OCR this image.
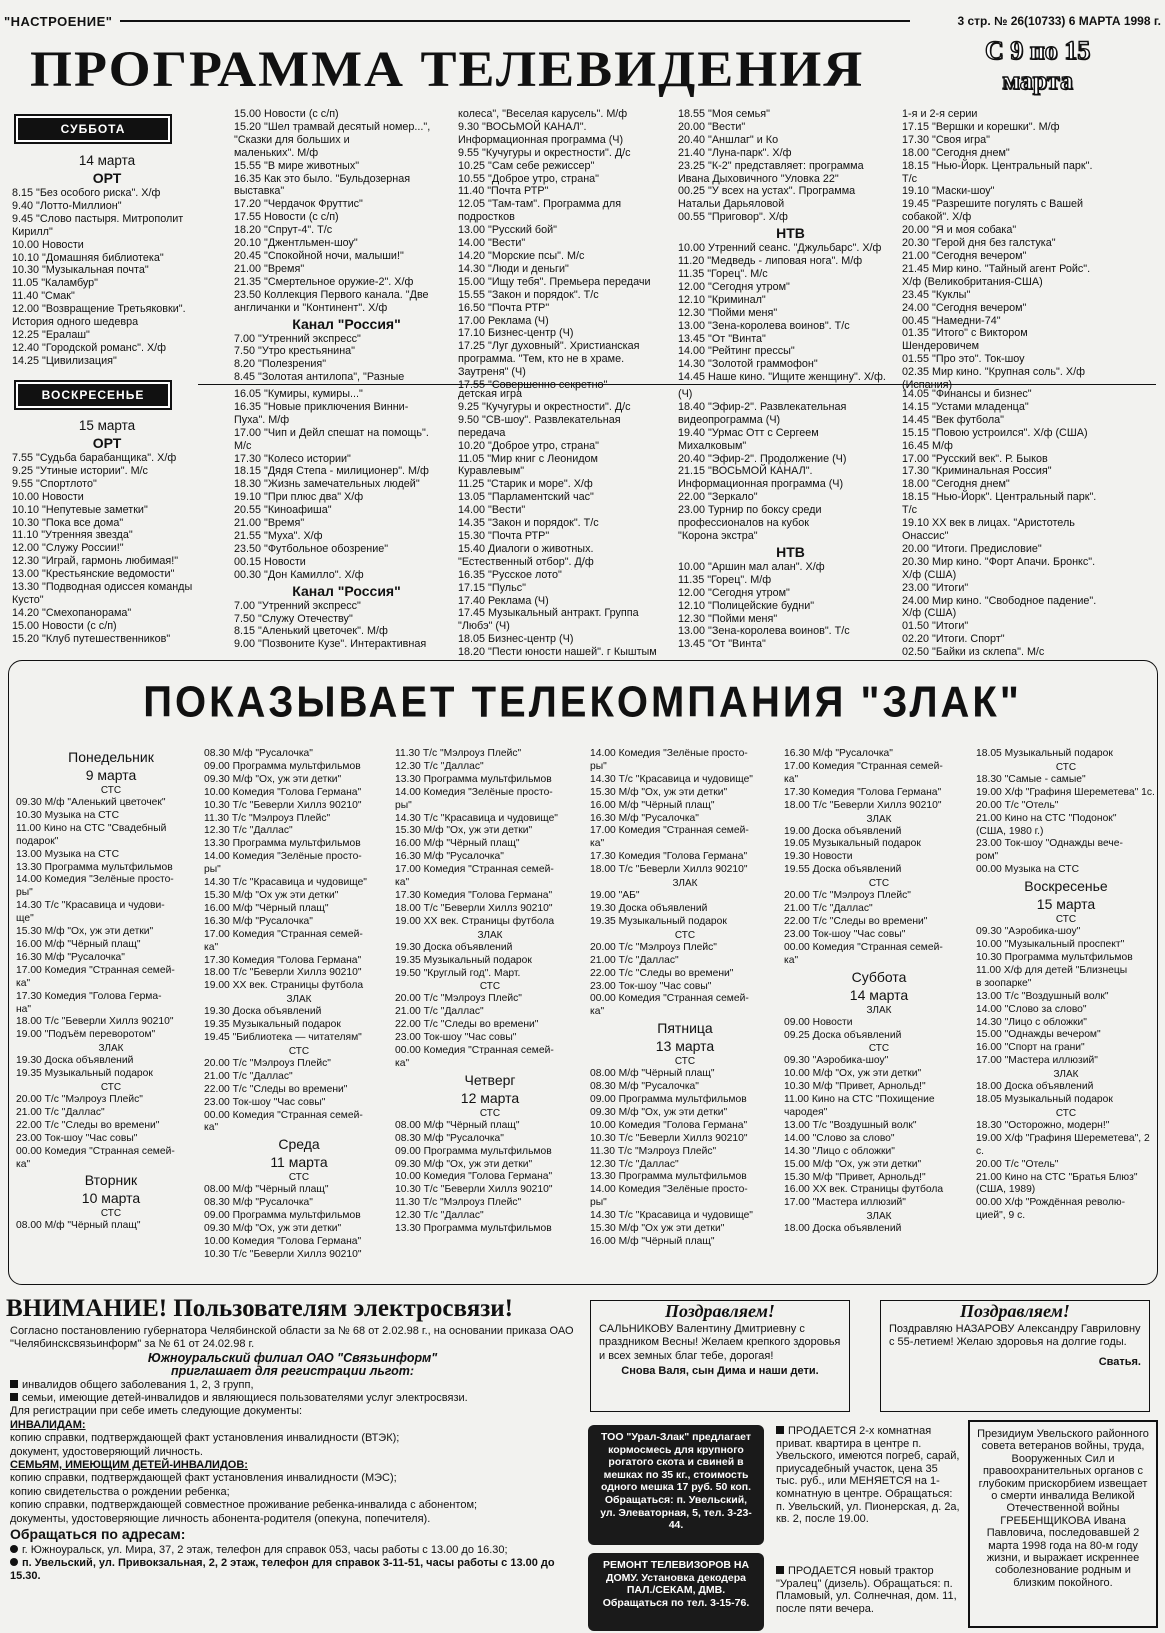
"НАСТРОЕНИЕ"	3 стр. № 26(10733) 6 МАРТА 1998 г.
ПРОГРАММА ТЕЛЕВИДЕНИЯ	С 9 по 15
марта
СУББОТА
14 марта
ОРТ

8.15 "Без особого риска". Х/ф

9.40 "Лотто-Миллион"

9.45 "Слово пастыря. Митрополит

Кирилл"

10.00 Новости

10.10 "Домашняя библиотека"

10.30 "Музыкальная почта"

11.05 "Каламбур"

11.40 "Смак"

12.00 "Возвращение Третьяковки".

История одного шедевра

12.25 "Ералаш"

12.40 "Городской романс". Х/ф

14.25 "Цивилизация"

15.00 Новости (с с/п)

15.20 "Шел трамвай десятый номер...",

"Сказки для больших и

маленьких". М/ф

15.55 "В мире животных"

16.35 Как это было. "Бульдозерная

выставка"

17.20 "Чердачок Фруттис"

17.55 Новости (с с/п)

18.20 "Спрут-4". Т/с

20.10 "Джентльмен-шоу"

20.45 "Спокойной ночи, малыши!"

21.00 "Время"

21.35 "Смертельное оружие-2". Х/ф

23.50 Коллекция Первого канала. "Две

англичанки и "Континент". Х/ф

Канал "Россия"

7.00 "Утренний экспресс"

7.50 "Утро крестьянина"

8.20 "Полезрения"

8.45 "Золотая антилопа", "Разные

колеса", "Веселая карусель". М/ф

9.30 "ВОСЬМОЙ КАНАЛ".

Информационная программа (Ч)

9.55 "Кучугуры и окрестности". Д/с

10.25 "Сам себе режиссер"

10.55 "Доброе утро, страна"

11.40 "Почта РТР"

12.05 "Там-там". Программа для

подростков

13.00 "Русский бой"

14.00 "Вести"

14.20 "Морские псы". М/с

14.30 "Люди и деньги"

15.00 "Ищу тебя". Премьера передачи

15.55 "Закон и порядок". Т/с

16.50 "Почта РТР"

17.00 Реклама (Ч)

17.10 Бизнес-центр (Ч)

17.25 "Луг духовный". Христианская

программа. "Тем, кто не в храме.

Заутреня" (Ч)

17.55 "Совершенно секретно"

18.55 "Моя семья"

20.00 "Вести"

20.40 "Аншлаг" и Ко

21.40 "Луна-парк". Х/ф

23.25 "К-2" представляет: программа

Ивана Дыховичного "Уловка 22"

00.25 "У всех на устах". Программа

Натальи Дарьяловой

00.55 "Приговор". Х/ф

НТВ

10.00 Утренний сеанс. "Джульбарс". Х/ф

11.20 "Медведь - липовая нога". М/ф

11.35 "Горец". М/с

12.00 "Сегодня утром"

12.10 "Криминал"

12.30 "Пойми меня"

13.00 "Зена-королева воинов". Т/с

13.45 "От "Винта"

14.00 "Рейтинг прессы"

14.30 "Золотой граммофон"

14.45 Наше кино. "Ищите женщину". Х/ф.

1-я и 2-я серии

17.15 "Вершки и корешки". М/ф

17.30 "Своя игра"

18.00 "Сегодня днем"

18.15 "Нью-Йорк. Центральный парк".

Т/с

19.10 "Маски-шоу"

19.45 "Разрешите погулять с Вашей

собакой". Х/ф

20.00 "Я и моя собака"

20.30 "Герой дня без галстука"

21.00 "Сегодня вечером"

21.45 Мир кино. "Тайный агент Ройс".

Х/ф (Великобритания-США)

23.45 "Куклы"

24.00 "Сегодня вечером"

00.45 "Намедни-74"

01.35 "Итого" с Виктором

Шендеровичем

01.55 "Про это". Ток-шоу

02.35 Мир кино. "Крупная соль". Х/ф

(Испания)

ВОСКРЕСЕНЬЕ
15 марта
ОРТ

7.55 "Судьба барабанщика". Х/ф

9.25 "Утиные истории". М/с

9.55 "Спортлото"

10.00 Новости

10.10 "Непутевые заметки"

10.30 "Пока все дома"

11.10 "Утренняя звезда"

12.00 "Служу России!"

12.30 "Играй, гармонь любимая!"

13.00 "Крестьянские ведомости"

13.30 "Подводная одиссея команды

Кусто"

14.20 "Смехопанорама"

15.00 Новости (с с/п)

15.20 "Клуб путешественников"

16.05 "Кумиры, кумиры..."

16.35 "Новые приключения Винни-

Пуха". М/ф

17.00 "Чип и Дейл спешат на помощь".

М/с

17.30 "Колесо истории"

18.15 "Дядя Степа - милиционер". М/ф

18.30 "Жизнь замечательных людей"

19.10 "При плюс два" Х/ф

20.55 "Киноафиша"

21.00 "Время"

21.55 "Муха". Х/ф

23.50 "Футбольное обозрение"

00.15 Новости

00.30 "Дон Камилло". Х/ф

Канал "Россия"

7.00 "Утренний экспресс"

7.50 "Служу Отечеству"

8.15 "Аленький цветочек". М/ф

9.00 "Позвоните Кузе". Интерактивная

детская игра

9.25 "Кучугуры и окрестности". Д/с

9.50 "СВ-шоу". Развлекательная

передача

10.20 "Доброе утро, страна"

11.05 "Мир книг с Леонидом

Куравлевым"

11.25 "Старик и море". Х/ф

13.05 "Парламентский час"

14.00 "Вести"

14.35 "Закон и порядок". Т/с

15.30 "Почта РТР"

15.40 Диалоги о животных.

"Естественный отбор". Д/ф

16.35 "Русское лото"

17.15 "Пульс"

17.40 Реклама (Ч)

17.45 Музыкальный антракт. Группа

"Любэ" (Ч)

18.05 Бизнес-центр (Ч)

18.20 "Пести юности нашей". г Кыштым

(Ч)

18.40 "Эфир-2". Развлекательная

видеопрограмма (Ч)

19.40 "Урмас Отт с Сергеем

Михалковым"

20.40 "Эфир-2". Продолжение (Ч)

21.15 "ВОСЬМОЙ КАНАЛ".

Информационная программа (Ч)

22.00 "Зеркало"

23.00 Турнир по боксу среди

профессионалов на кубок

"Корона экстра"

НТВ

10.00 "Аршин мал алан". Х/ф

11.35 "Горец". М/ф

12.00 "Сегодня утром"

12.10 "Полицейские будни"

12.30 "Пойми меня"

13.00 "Зена-королева воинов". Т/с

13.45 "От "Винта"

14.05 "Финансы и бизнес"

14.15 "Устами младенца"

14.45 "Век футбола"

15.15 "Повою устроился". Х/ф (США)

16.45 М/ф

17.00 "Русский век". Р. Быков

17.30 "Криминальная Россия"

18.00 "Сегодня днем"

18.15 "Нью-Йорк". Центральный парк".

Т/с

19.10 XX век в лицах. "Аристотель

Онассис"

20.00 "Итоги. Предисловие"

20.30 Мир кино. "Форт Апачи. Бронкс".

Х/ф (США)

23.00 "Итоги"

24.00 Мир кино. "Свободное падение".

Х/ф (США)

01.50 "Итоги"

02.20 "Итоги. Спорт"

02.50 "Байки из склепа". М/с

ПОКАЗЫВАЕТ ТЕЛЕКОМПАНИЯ "ЗЛАК"

Понедельник
9 марта

СТС

09.30 М/ф "Аленький цветочек"

10.30 Музыка на СТС

11.00 Кино на СТС "Свадебный

подарок"

13.00 Музыка на СТС

13.30 Программа мультфильмов

14.00 Комедия "Зелёные просто-

ры"

14.30 Т/с "Красавица и чудови-

ще"

15.30 М/ф "Ох, уж эти детки"

16.00 М/ф "Чёрный плащ"

16.30 М/ф "Русалочка"

17.00 Комедия "Странная семей-

ка"

17.30 Комедия "Голова Герма-

на"

18.00 Т/с "Беверли Хиллз 90210"

19.00 "Подъём переворотом"

ЗЛАК

19.30 Доска объявлений

19.35 Музыкальный подарок

СТС

20.00 Т/с "Мэлроуз Плейс"

21.00 Т/с "Даллас"

22.00 Т/с "Следы во времени"

23.00 Ток-шоу "Час совы"

00.00 Комедия "Странная семей-

ка"

Вторник
10 марта

СТС

08.00 М/ф "Чёрный плащ"

08.30 М/ф "Русалочка"

09.00 Программа мультфильмов

09.30 М/ф "Ох, уж эти детки"

10.00 Комедия "Голова Германа"

10.30 Т/с "Беверли Хиллз 90210"

11.30 Т/с "Мэлроуз Плейс"

12.30 Т/с "Даллас"

13.30 Программа мультфильмов

14.00 Комедия "Зелёные просто-

ры"

14.30 Т/с "Красавица и чудовище"

15.30 М/ф "Ох уж эти детки"

16.00 М/ф "Чёрный плащ"

16.30 М/ф "Русалочка"

17.00 Комедия "Странная семей-

ка"

17.30 Комедия "Голова Германа"

18.00 Т/с "Беверли Хиллз 90210"

19.00 XX век. Страницы футбола

ЗЛАК

19.30 Доска объявлений

19.35 Музыкальный подарок

19.45 "Библиотека — читателям"

СТС

20.00 Т/с "Мэлроуз Плейс"

21.00 Т/с "Даллас"

22.00 Т/с "Следы во времени"

23.00 Ток-шоу "Час совы"

00.00 Комедия "Странная семей-

ка"

Среда
11 марта

СТС

08.00 М/ф "Чёрный плащ"

08.30 М/ф "Русалочка"

09.00 Программа мультфильмов

09.30 М/ф "Ох, уж эти детки"

10.00 Комедия "Голова Германа"

10.30 Т/с "Беверли Хиллз 90210"

11.30 Т/с "Мэлроуз Плейс"

12.30 Т/с "Даллас"

13.30 Программа мультфильмов

14.00 Комедия "Зелёные просто-

ры"

14.30 Т/с "Красавица и чудовище"

15.30 М/ф "Ох, уж эти детки"

16.00 М/ф "Чёрный плащ"

16.30 М/ф "Русалочка"

17.00 Комедия "Странная семей-

ка"

17.30 Комедия "Голова Германа"

18.00 Т/с "Беверли Хиллз 90210"

19.00 XX век. Страницы футбола

ЗЛАК

19.30 Доска объявлений

19.35 Музыкальный подарок

19.50 "Круглый год". Март.

СТС

20.00 Т/с "Мэлроуз Плейс"

21.00 Т/с "Даллас"

22.00 Т/с "Следы во времени"

23.00 Ток-шоу "Час совы"

00.00 Комедия "Странная семей-

ка"

Четверг
12 марта

СТС

08.00 М/ф "Чёрный плащ"

08.30 М/ф "Русалочка"

09.00 Программа мультфильмов

09.30 М/ф "Ох, уж эти детки"

10.00 Комедия "Голова Германа"

10.30 Т/с "Беверли Хиллз 90210"

11.30 Т/с "Мэлроуз Плейс"

12.30 Т/с "Даллас"

13.30 Программа мультфильмов

14.00 Комедия "Зелёные просто-

ры"

14.30 Т/с "Красавица и чудовище"

15.30 М/ф "Ох, уж эти детки"

16.00 М/ф "Чёрный плащ"

16.30 М/ф "Русалочка"

17.00 Комедия "Странная семей-

ка"

17.30 Комедия "Голова Германа"

18.00 Т/с "Беверли Хиллз 90210"

ЗЛАК

19.00 "АБ"

19.30 Доска объявлений

19.35 Музыкальный подарок

СТС

20.00 Т/с "Мэлроуз Плейс"

21.00 Т/с "Даллас"

22.00 Т/с "Следы во времени"

23.00 Ток-шоу "Час совы"

00.00 Комедия "Странная семей-

ка"

Пятница
13 марта

СТС

08.00 М/ф "Чёрный плащ"

08.30 М/ф "Русалочка"

09.00 Программа мультфильмов

09.30 М/ф "Ох, уж эти детки"

10.00 Комедия "Голова Германа"

10.30 Т/с "Беверли Хиллз 90210"

11.30 Т/с "Мэлроуз Плейс"

12.30 Т/с "Даллас"

13.30 Программа мультфильмов

14.00 Комедия "Зелёные просто-

ры"

14.30 Т/с "Красавица и чудовище"

15.30 М/ф "Ох уж эти детки"

16.00 М/ф "Чёрный плащ"

16.30 М/ф "Русалочка"

17.00 Комедия "Странная семей-

ка"

17.30 Комедия "Голова Германа"

18.00 Т/с "Беверли Хиллз 90210"

ЗЛАК

19.00 Доска объявлений

19.05 Музыкальный подарок

19.30 Новости

19.55 Доска объявлений

СТС

20.00 Т/с "Мэлроуз Плейс"

21.00 Т/с "Даллас"

22.00 Т/с "Следы во времени"

23.00 Ток-шоу "Час совы"

00.00 Комедия "Странная семей-

ка"

Суббота
14 марта

ЗЛАК

09.00 Новости

09.25 Доска объявлений

СТС

09.30 "Аэробика-шоу"

10.00 М/ф "Ох, уж эти детки"

10.30 М/ф "Привет, Арнольд!"

11.00 Кино на СТС "Похищение

чародея"

13.00 Т/с "Воздушный волк"

14.00 "Слово за слово"

14.30 "Лицо с обложки"

15.00 М/ф "Ох, уж эти детки"

15.30 М/ф "Привет, Арнольд!"

16.00 XX век. Страницы футбола

17.00 "Мастера иллюзий"

ЗЛАК

18.00 Доска объявлений

18.05 Музыкальный подарок

СТС

18.30 "Самые - самые"

19.00 Х/ф "Графиня Шереметева" 1с.

20.00 Т/с "Отель"

21.00 Кино на СТС "Подонок"

(США, 1980 г.)

23.00 Ток-шоу "Однажды вече-

ром"

00.00 Музыка на СТС

Воскресенье
15 марта

СТС

09.30 "Аэробика-шоу"

10.00 "Музыкальный проспект"

10.30 Программа мультфильмов

11.00 Х/ф для детей "Близнецы

в зоопарке"

13.00 Т/с "Воздушный волк"

14.00 "Слово за слово"

14.30 "Лицо с обложки"

15.00 "Однажды вечером"

16.00 "Спорт на грани"

17.00 "Мастера иллюзий"

ЗЛАК

18.00 Доска объявлений

18.05 Музыкальный подарок

СТС

18.30 "Осторожно, модерн!"

19.00 Х/ф "Графиня Шереметева", 2 с.

20.00 Т/с "Отель"

21.00 Кино на СТС "Братья Блюз"

(США, 1989)

00.00 Х/ф "Рождённая револю-

цией", 9 с.

ВНИМАНИЕ! Пользователям электросвязи!

Согласно постановлению губернатора Челябинской области за № 68 от 2.02.98 г., на основании приказа ОАО "Челябинсксвязьинформ" за № 61 от 24.02.98 г.

Южноуральский филиал ОАО "Связьинформ"

приглашает для регистрации льгот:

инвалидов общего заболевания 1, 2, 3 групп,

семьи, имеющие детей-инвалидов и являющиеся пользователями услуг электросвязи.

Для регистрации при себе иметь следующие документы:

ИНВАЛИДАМ:

копию справки, подтверждающей факт установления инвалидности (ВТЭК);

документ, удостоверяющий личность.

СЕМЬЯМ, ИМЕЮЩИМ ДЕТЕЙ-ИНВАЛИДОВ:

копию справки, подтверждающей факт установления инвалидности (МЭС);

копию свидетельства о рождении ребенка;

копию справки, подтверждающей совместное проживание ребенка-инвалида с абонентом;

документы, удостоверяющие личность абонента-родителя (опекуна, попечителя).

Обращаться по адресам:

г. Южноуральск, ул. Мира, 37, 2 этаж, телефон для справок 053, часы работы с 13.00 до 16.30;

п. Увельский, ул. Привокзальная, 2, 2 этаж, телефон для справок 3-11-51, часы работы с 13.00 до 15.30.

Поздравляем!
САЛЬНИКОВУ Валентину Дмитриевну с праздником Весны! Желаем крепкого здоровья и всех земных благ тебе, дорогая!
Снова Валя, сын Дима и наши дети.
Поздравляем!
Поздравляю НАЗАРОВУ Александру Гавриловну с 55-летием! Желаю здоровья на долгие годы.
Сватья.
ТОО "Урал-Злак" предлагает кормосмесь для крупного рогатого скота и свиней в мешках по 35 кг., стоимость одного мешка 17 руб. 50 коп. Обращаться: п. Увельский, ул. Элеваторная, 5, тел. 3-23-44.
РЕМОНТ ТЕЛЕВИЗОРОВ НА ДОМУ. Установка декодера ПАЛ./СЕКАМ, ДМВ. Обращаться по тел. 3-15-76.
ПРОДАЕТСЯ 2-х комнатная приват. квартира в центре п. Увельского, имеются погреб, сарай, приусадебный участок, цена 35 тыс. руб., или МЕНЯЕТСЯ на 1-комнатную в центре. Обращаться: п. Увельский, ул. Пионерская, д. 2а, кв. 2, после 19.00.
ПРОДАЕТСЯ новый трактор "Уралец" (дизель). Обращаться: п. Пламовый, ул. Солнечная, дом. 11, после пяти вечера.
Президиум Увельского районного совета ветеранов войны, труда, Вооруженных Сил и правоохранительных органов с глубоким прискорбием извещает о смерти инвалида Великой Отечественной войны ГРЕБЕНЩИКОВА Ивана Павловича, последовавшей 2 марта 1998 года на 80-м году жизни, и выражает искреннее соболезнование родным и близким покойного.
